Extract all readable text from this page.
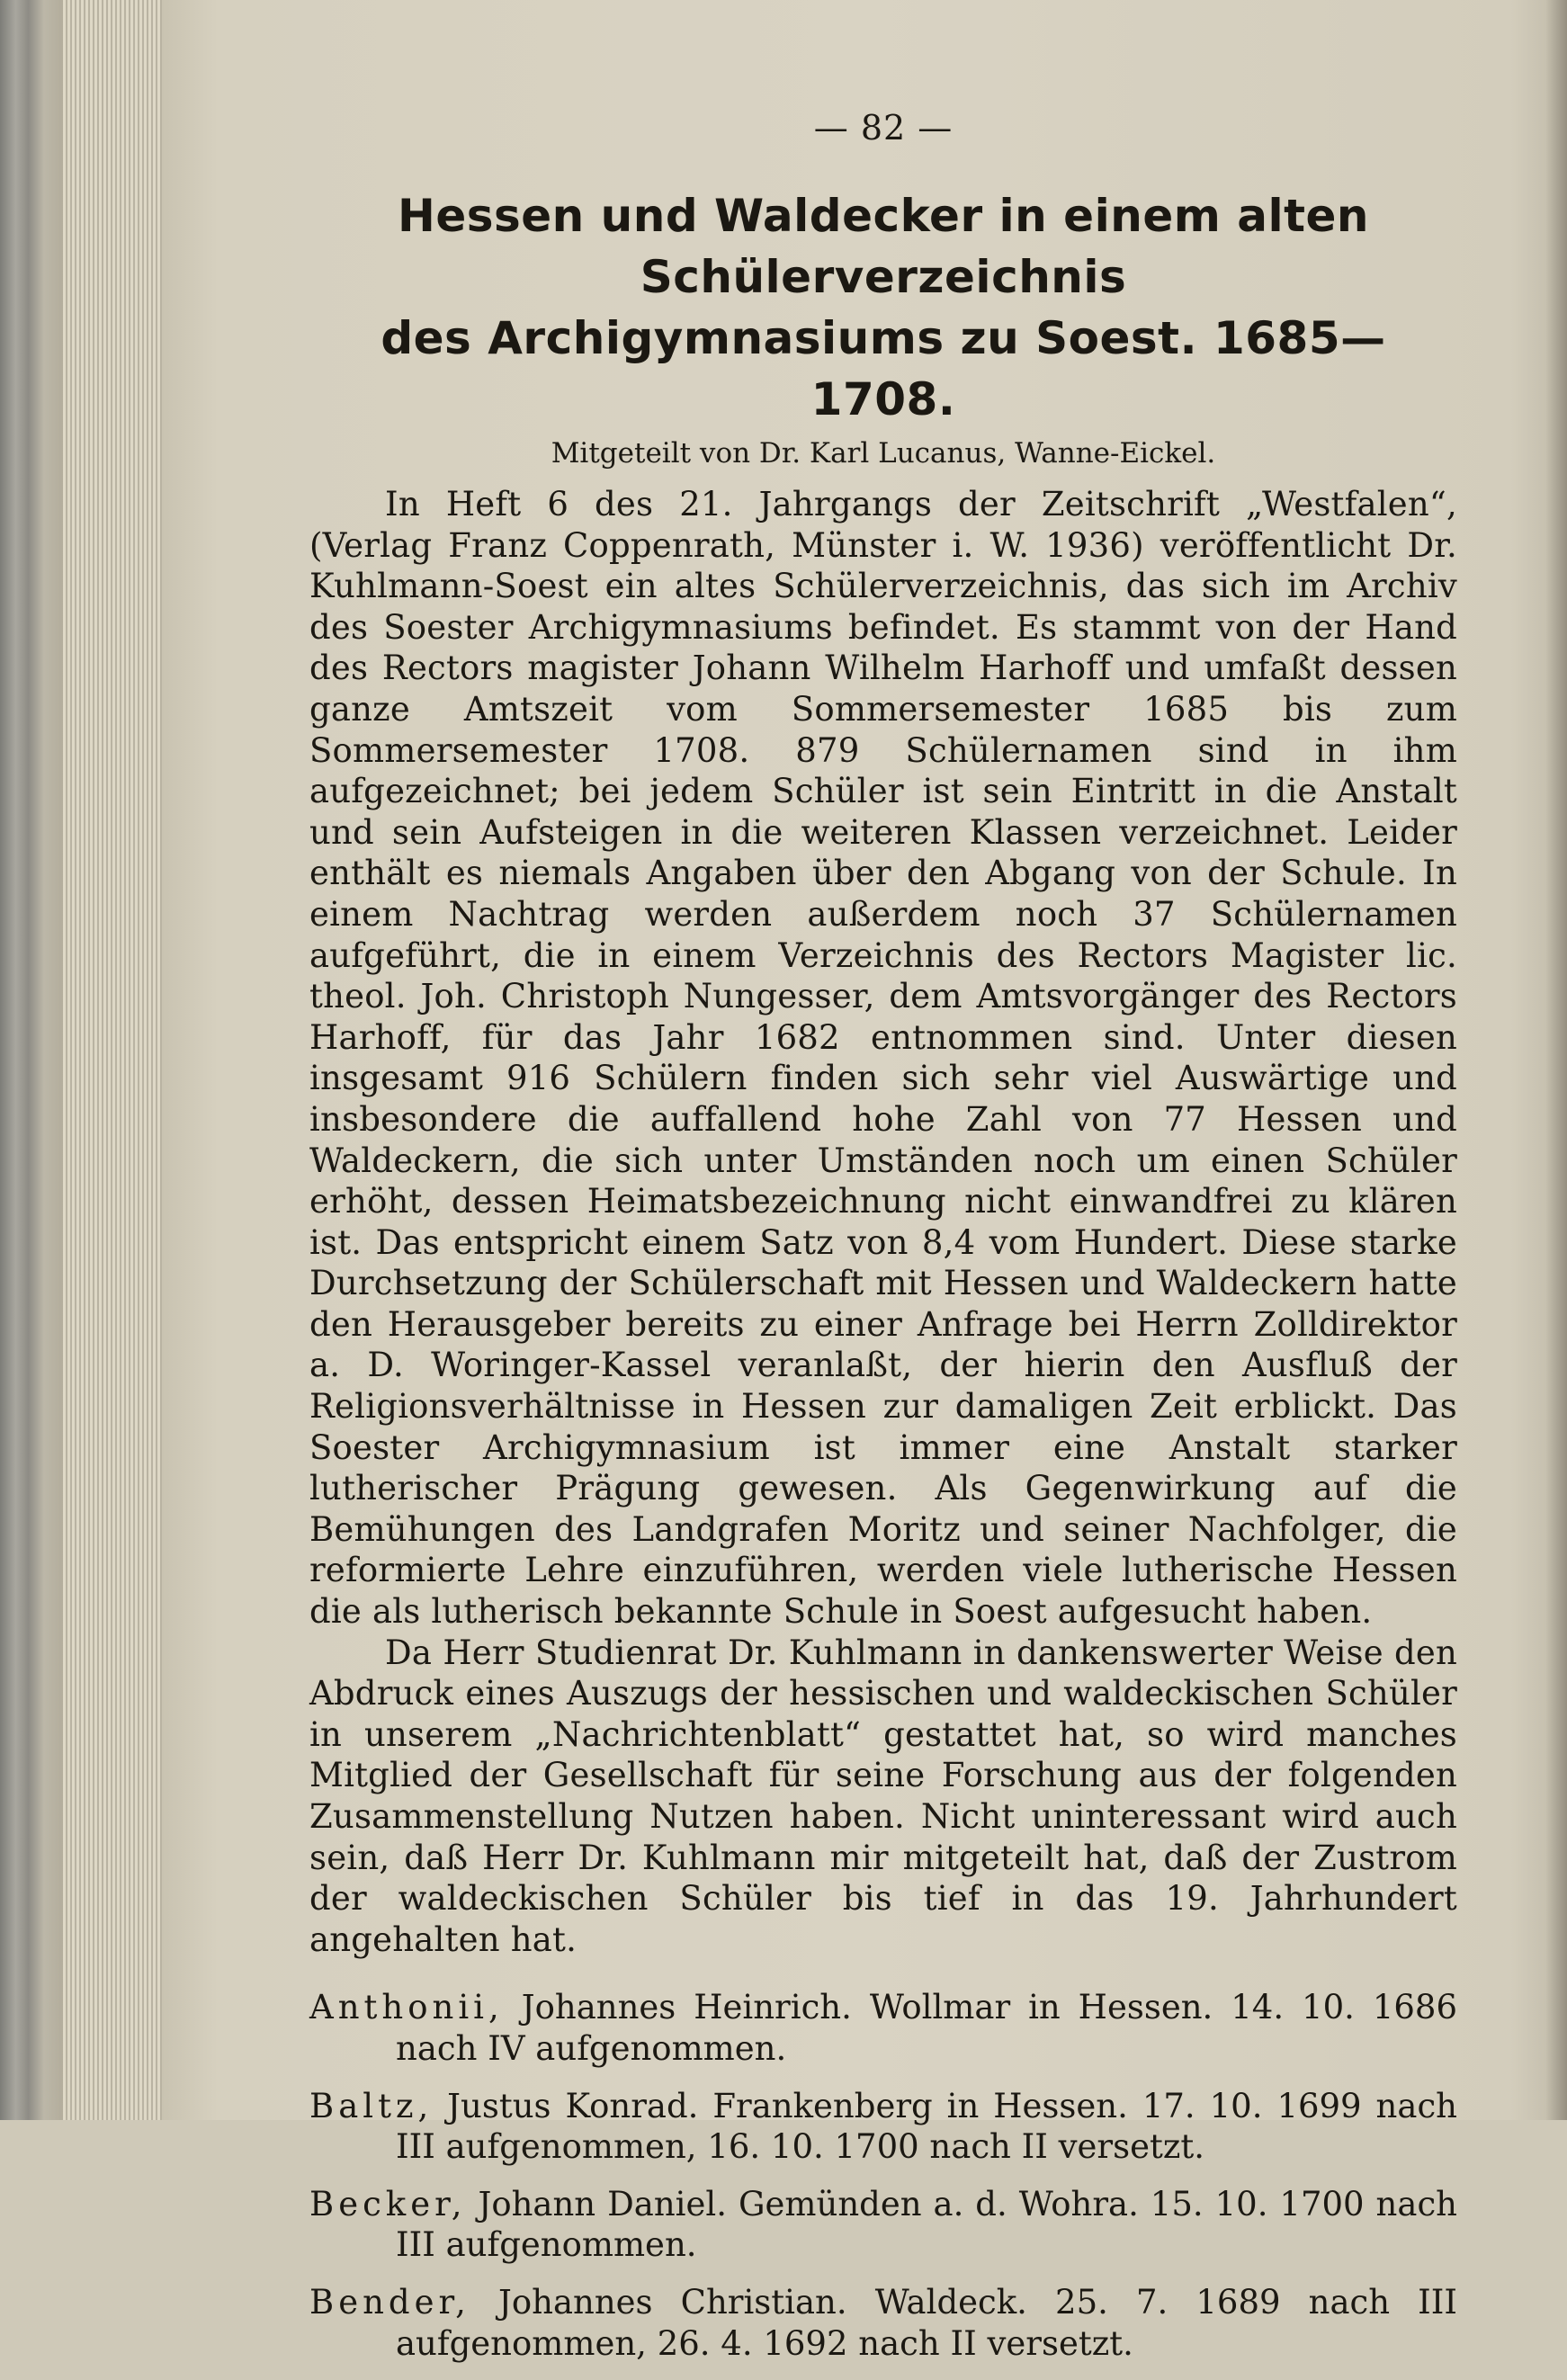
— 82 —
Hessen und Waldecker in einem alten Schülerverzeichnis
des Archigymnasiums zu Soest. 1685—1708.
Mitgeteilt von Dr. Karl Lucanus, Wanne-Eickel.

In Heft 6 des 21. Jahrgangs der Zeitschrift „Westfalen“, (Verlag Franz Coppenrath, Münster i. W. 1936) veröffentlicht Dr. Kuhlmann-Soest ein altes Schülerverzeichnis, das sich im Archiv des Soester Archigymnasiums befindet. Es stammt von der Hand des Rectors magister Johann Wilhelm Harhoff und umfaßt dessen ganze Amtszeit vom Sommersemester 1685 bis zum Sommersemester 1708. 879 Schülernamen sind in ihm aufgezeichnet; bei jedem Schüler ist sein Eintritt in die Anstalt und sein Aufsteigen in die weiteren Klassen verzeichnet. Leider enthält es niemals Angaben über den Abgang von der Schule. In einem Nachtrag werden außerdem noch 37 Schülernamen aufgeführt, die in einem Verzeichnis des Rectors Magister lic. theol. Joh. Christoph Nungesser, dem Amtsvorgänger des Rectors Harhoff, für das Jahr 1682 entnommen sind. Unter diesen insgesamt 916 Schülern finden sich sehr viel Auswärtige und insbesondere die auffallend hohe Zahl von 77 Hessen und Waldeckern, die sich unter Umständen noch um einen Schüler erhöht, dessen Heimatsbezeichnung nicht einwandfrei zu klären ist. Das entspricht einem Satz von 8,4 vom Hundert. Diese starke Durchsetzung der Schülerschaft mit Hessen und Waldeckern hatte den Herausgeber bereits zu einer Anfrage bei Herrn Zolldirektor a. D. Woringer-Kassel veranlaßt, der hierin den Ausfluß der Religionsverhältnisse in Hessen zur damaligen Zeit erblickt. Das Soester Archigymnasium ist immer eine Anstalt starker lutherischer Prägung gewesen. Als Gegenwirkung auf die Bemühungen des Landgrafen Moritz und seiner Nachfolger, die reformierte Lehre einzuführen, werden viele lutherische Hessen die als lutherisch bekannte Schule in Soest aufgesucht haben.

Da Herr Studienrat Dr. Kuhlmann in dankenswerter Weise den Abdruck eines Auszugs der hessischen und waldeckischen Schüler in unserem „Nachrichtenblatt“ gestattet hat, so wird manches Mitglied der Gesellschaft für seine Forschung aus der folgenden Zusammenstellung Nutzen haben. Nicht uninteressant wird auch sein, daß Herr Dr. Kuhlmann mir mitgeteilt hat, daß der Zustrom der waldeckischen Schüler bis tief in das 19. Jahrhundert angehalten hat.

Anthonii, Johannes Heinrich. Wollmar in Hessen. 14. 10. 1686 nach IV aufgenommen.

Baltz, Justus Konrad. Frankenberg in Hessen. 17. 10. 1699 nach III aufgenommen, 16. 10. 1700 nach II versetzt.

Becker, Johann Daniel. Gemünden a. d. Wohra. 15. 10. 1700 nach III aufgenommen.

Bender, Johannes Christian. Waldeck. 25. 7. 1689 nach III aufgenommen, 26. 4. 1692 nach II versetzt.
